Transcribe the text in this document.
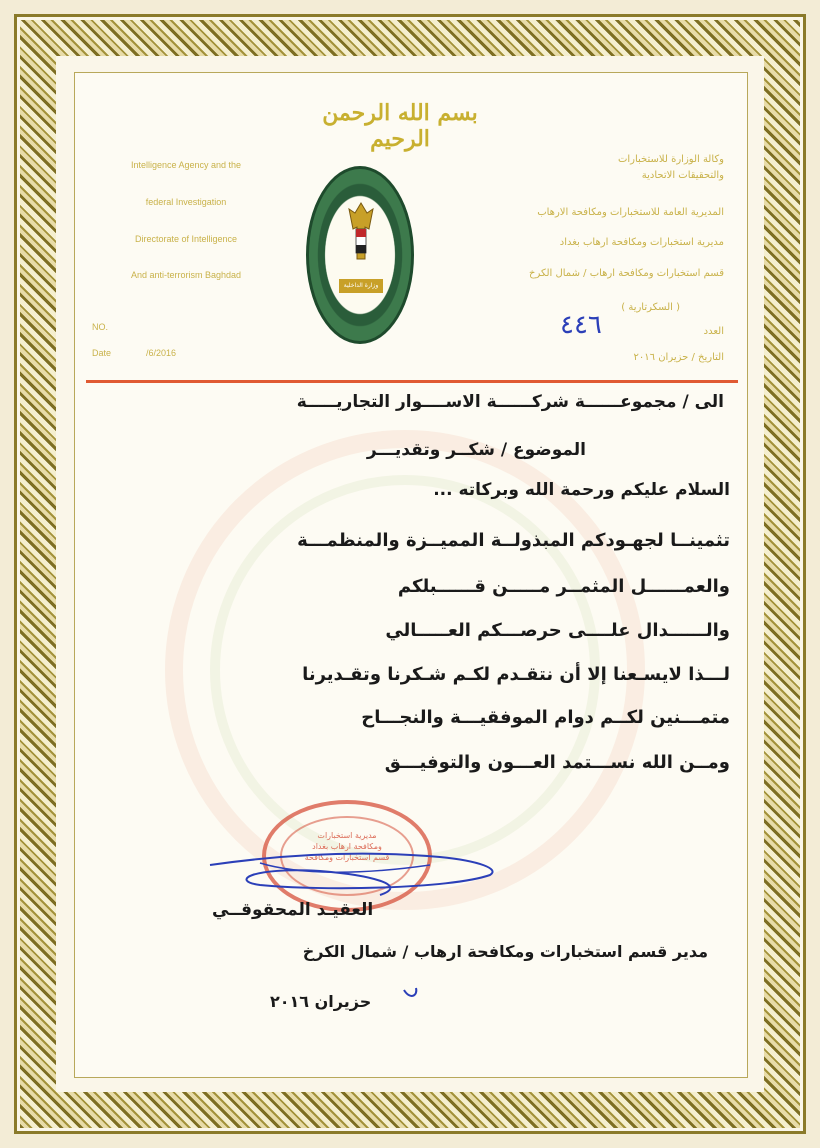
بسم الله الرحمن الرحيم
Intelligence Agency and the
federal Investigation
Directorate of Intelligence
And anti-terrorism Baghdad
NO.
Date	/6/2016
وكالة الوزارة للاستخبارات
والتحقيقات الاتحادية
المديرية العامة للاستخبارات ومكافحة الارهاب
مديرية استخبارات ومكافحة ارهاب بغداد
قسم استخبارات ومكافحة ارهاب / شمال الكرخ
( السكرتارية )
العدد
التاريخ / حزيران ٢٠١٦
٤٤٦
وزارة الداخلية
الى / مجموعــــــة شركــــــة الاســــوار التجاريـــــة
الموضوع / شكــر وتقديـــر
السلام عليكم ورحمة الله وبركاته ...
تثمينــا لجهـودكم المبذولــة المميــزة والمنظمـــة
والعمــــــل المثمــر مـــــن قــــــبلكم
والــــــدال علــــى حرصـــكم العـــــالي
لـــذا لايسـعنا إلا أن نتقـدم لكـم شـكرنا وتقـديرنا
متمـــنين لكــم دوام الموفقيـــة والنجـــاح
ومــن الله نســـتمد العـــون والتوفيـــق
مديرية استخبارات ومكافحة ارهاب بغداد قسم استخبارات ومكافحة
العقيـد المحقوقــي
مدير قسم استخبارات ومكافحة ارهاب / شمال الكرخ
حزيران ٢٠١٦
